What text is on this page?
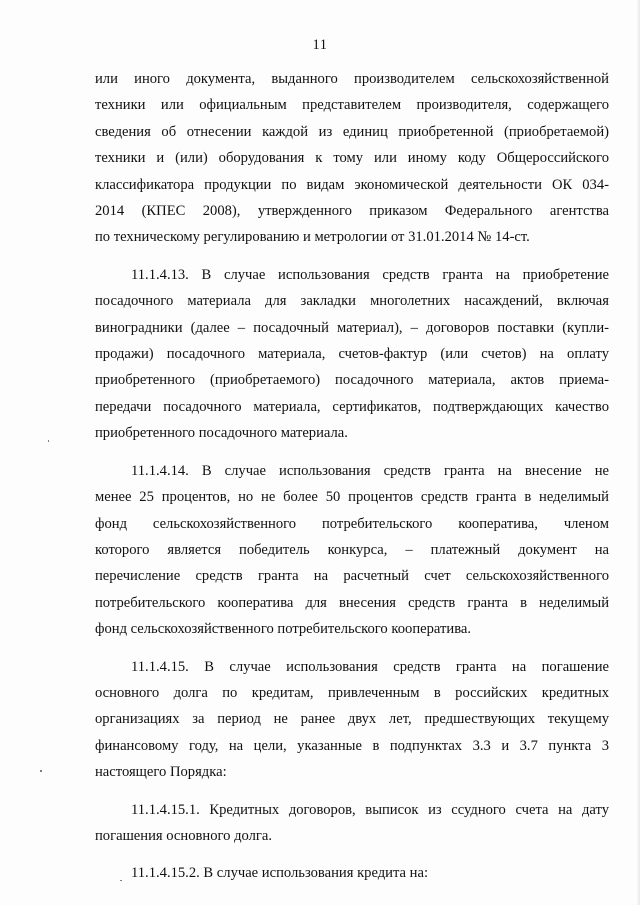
11
или иного документа, выданного производителем сельскохозяйственной
техники или официальным представителем производителя, содержащего
сведения об отнесении каждой из единиц приобретенной (приобретаемой)
техники и (или) оборудования к тому или иному коду Общероссийского
классификатора продукции по видам экономической деятельности ОК 034-
2014 (КПЕС 2008), утвержденного приказом Федерального агентства
по техническому регулированию и метрологии от 31.01.2014 № 14-ст.
11.1.4.13. В случае использования средств гранта на приобретение
посадочного материала для закладки многолетних насаждений, включая
виноградники (далее – посадочный материал), – договоров поставки (купли-
продажи) посадочного материала, счетов-фактур (или счетов) на оплату
приобретенного (приобретаемого) посадочного материала, актов приема-
передачи посадочного материала, сертификатов, подтверждающих качество
приобретенного посадочного материала.
11.1.4.14. В случае использования средств гранта на внесение не
менее 25 процентов, но не более 50 процентов средств гранта в неделимый
фонд сельскохозяйственного потребительского кооператива, членом
которого является победитель конкурса, – платежный документ на
перечисление средств гранта на расчетный счет сельскохозяйственного
потребительского кооператива для внесения средств гранта в неделимый
фонд сельскохозяйственного потребительского кооператива.
11.1.4.15. В случае использования средств гранта на погашение
основного долга по кредитам, привлеченным в российских кредитных
организациях за период не ранее двух лет, предшествующих текущему
финансовому году, на цели, указанные в подпунктах 3.3 и 3.7 пункта 3
настоящего Порядка:
11.1.4.15.1. Кредитных договоров, выписок из ссудного счета на дату
погашения основного долга.
11.1.4.15.2. В случае использования кредита на:
